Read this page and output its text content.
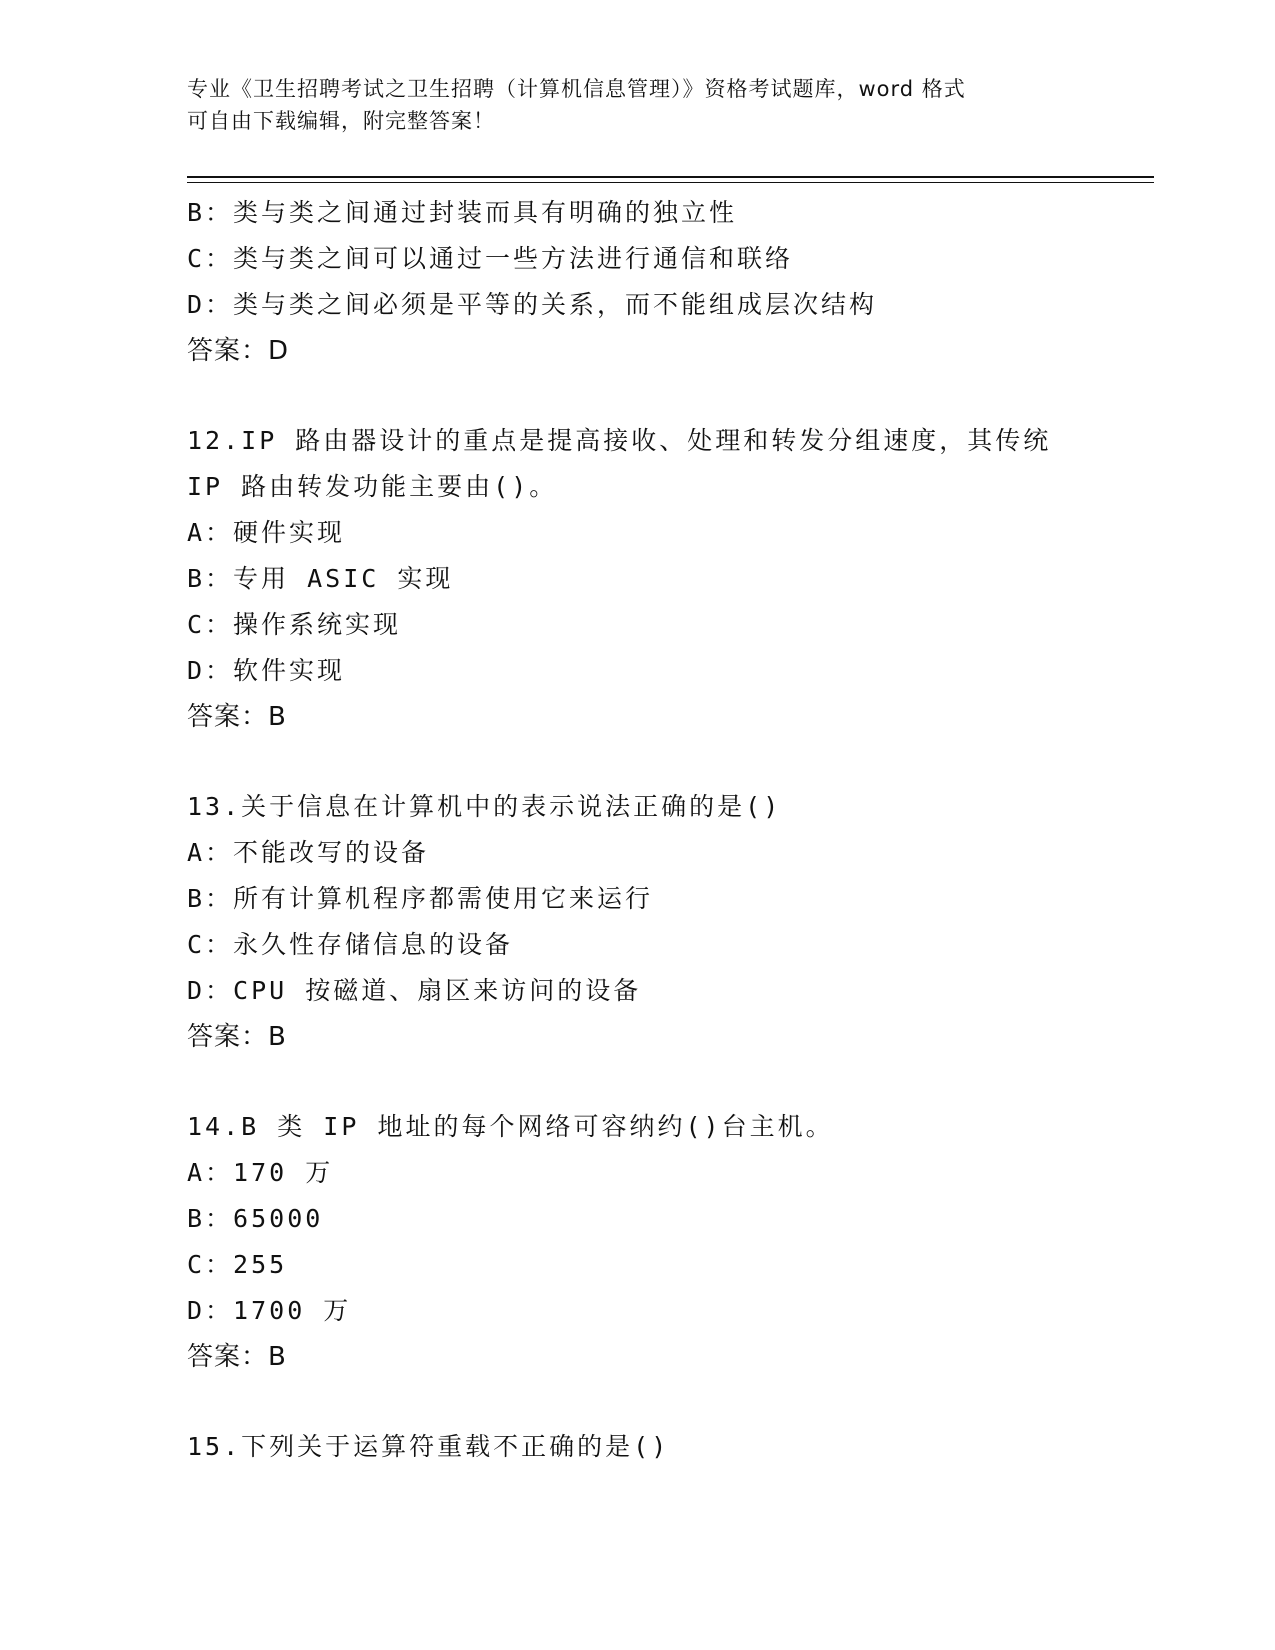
专业《卫生招聘考试之卫生招聘（计算机信息管理）》资格考试题库，word 格式
可自由下载编辑，附完整答案！
B：类与类之间通过封装而具有明确的独立性
C：类与类之间可以通过一些方法进行通信和联络
D：类与类之间必须是平等的关系，而不能组成层次结构
答案：D
12.IP 路由器设计的重点是提高接收、处理和转发分组速度，其传统
IP 路由转发功能主要由()。
A：硬件实现
B：专用 ASIC 实现
C：操作系统实现
D：软件实现
答案：B
13.关于信息在计算机中的表示说法正确的是()
A：不能改写的设备
B：所有计算机程序都需使用它来运行
C：永久性存储信息的设备
D：CPU 按磁道、扇区来访问的设备
答案：B
14.B 类 IP 地址的每个网络可容纳约()台主机。
A：170 万
B：65000
C：255
D：1700 万
答案：B
15.下列关于运算符重载不正确的是()
